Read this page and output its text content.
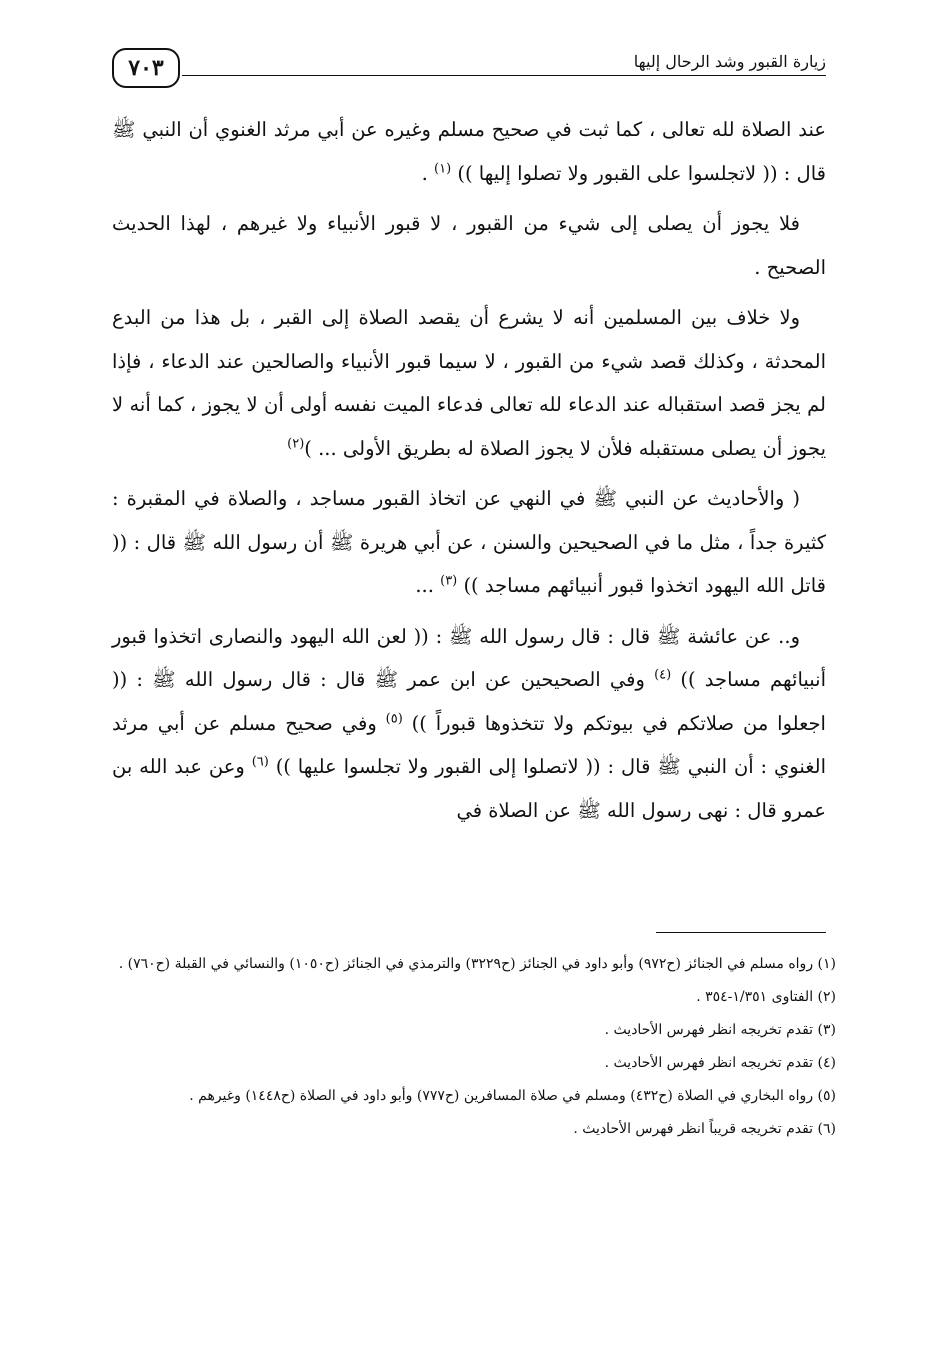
٧٠٣	زيارة القبور وشد الرحال إليها

عند الصلاة لله تعالى ، كما ثبت في صحيح مسلم وغيره عن أبي مرثد الغنوي أن النبي ﷺ قال : (( لاتجلسوا على القبور ولا تصلوا إليها )) $^{(١)}$ .

فلا يجوز أن يصلى إلى شيء من القبور ، لا قبور الأنبياء ولا غيرهم ، لهذا الحديث الصحيح .

ولا خلاف بين المسلمين أنه لا يشرع أن يقصد الصلاة إلى القبر ، بل هذا من البدع المحدثة ، وكذلك قصد شيء من القبور ، لا سيما قبور الأنبياء والصالحين عند الدعاء ، فإذا لم يجز قصد استقباله عند الدعاء لله تعالى فدعاء الميت نفسه أولى أن لا يجوز ، كما أنه لا يجوز أن يصلى مستقبله فلأن لا يجوز الصلاة له بطريق الأولى ... )$^{(٢)}$

( والأحاديث عن النبي ﷺ في النهي عن اتخاذ القبور مساجد ، والصلاة في المقبرة : كثيرة جداً ، مثل ما في الصحيحين والسنن ، عن أبي هريرة ﷺ أن رسول الله ﷺ قال : (( قاتل الله اليهود اتخذوا قبور أنبيائهم مساجد )) $^{(٣)}$ ...

و.. عن عائشة ﷺ قال : قال رسول الله ﷺ : (( لعن الله اليهود والنصارى اتخذوا قبور أنبيائهم مساجد )) $^{(٤)}$ وفي الصحيحين عن ابن عمر ﷺ قال : قال رسول الله ﷺ : (( اجعلوا من صلاتكم في بيوتكم ولا تتخذوها قبوراً )) $^{(٥)}$ وفي صحيح مسلم عن أبي مرثد الغنوي : أن النبي ﷺ قال : (( لاتصلوا إلى القبور ولا تجلسوا عليها )) $^{(٦)}$ وعن عبد الله بن عمرو قال : نهى رسول الله ﷺ عن الصلاة في

(١) رواه مسلم في الجنائز (ح٩٧٢) وأبو داود في الجنائز (ح٣٢٢٩) والترمذي في الجنائز (ح١٠٥٠) والنسائي في القبلة (ح٧٦٠) .

(٢) الفتاوى ١/٣٥١-٣٥٤ .

(٣) تقدم تخريجه انظر فهرس الأحاديث .

(٤) تقدم تخريجه انظر فهرس الأحاديث .

(٥) رواه البخاري في الصلاة (ح٤٣٢) ومسلم في صلاة المسافرين (ح٧٧٧) وأبو داود في الصلاة (ح١٤٤٨) وغيرهم .

(٦) تقدم تخريجه قريباً انظر فهرس الأحاديث .
